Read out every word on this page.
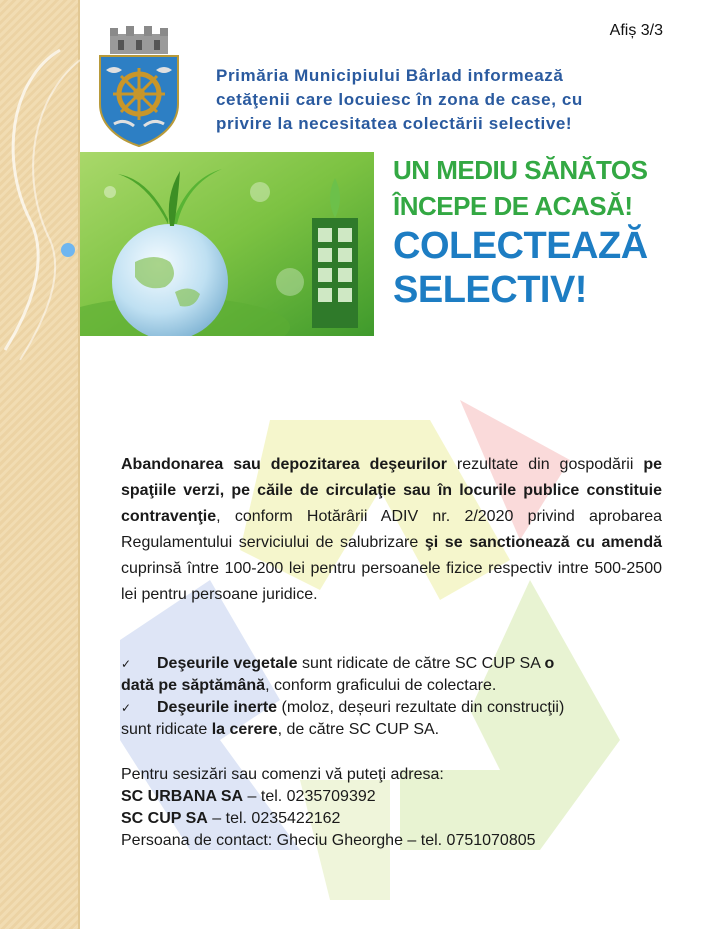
Afiș 3/3
Primăria Municipiului Bârlad informează
cetăţenii care locuiesc în zona de case, cu
privire la necesitatea colectării selective!
UN MEDIU SĂNĂTOS
ÎNCEPE DE ACASĂ!
COLECTEAZĂ
SELECTIV!
Abandonarea sau depozitarea deşeurilor rezultate din gospodării pe spaţiile verzi, pe căile de circulaţie sau în locurile publice constituie contravenţie, conform Hotărârii ADIV nr. 2/2020 privind aprobarea Regulamentului serviciului de salubrizare şi se sanctionează cu amendă cuprinsă între 100-200 lei pentru persoanele fizice respectiv intre 500-2500 lei pentru persoane juridice.
✓ Deşeurile vegetale sunt ridicate de către SC CUP SA o
dată pe săptămână, conform graficului de colectare.
✓ Deşeurile inerte (moloz, deșeuri rezultate din construcţii)
sunt ridicate la cerere, de către SC CUP SA.
Pentru sesizări sau comenzi vă puteţi adresa:
SC URBANA SA – tel. 0235709392
SC CUP SA – tel. 0235422162
Persoana de contact: Gheciu Gheorghe – tel. 0751070805
